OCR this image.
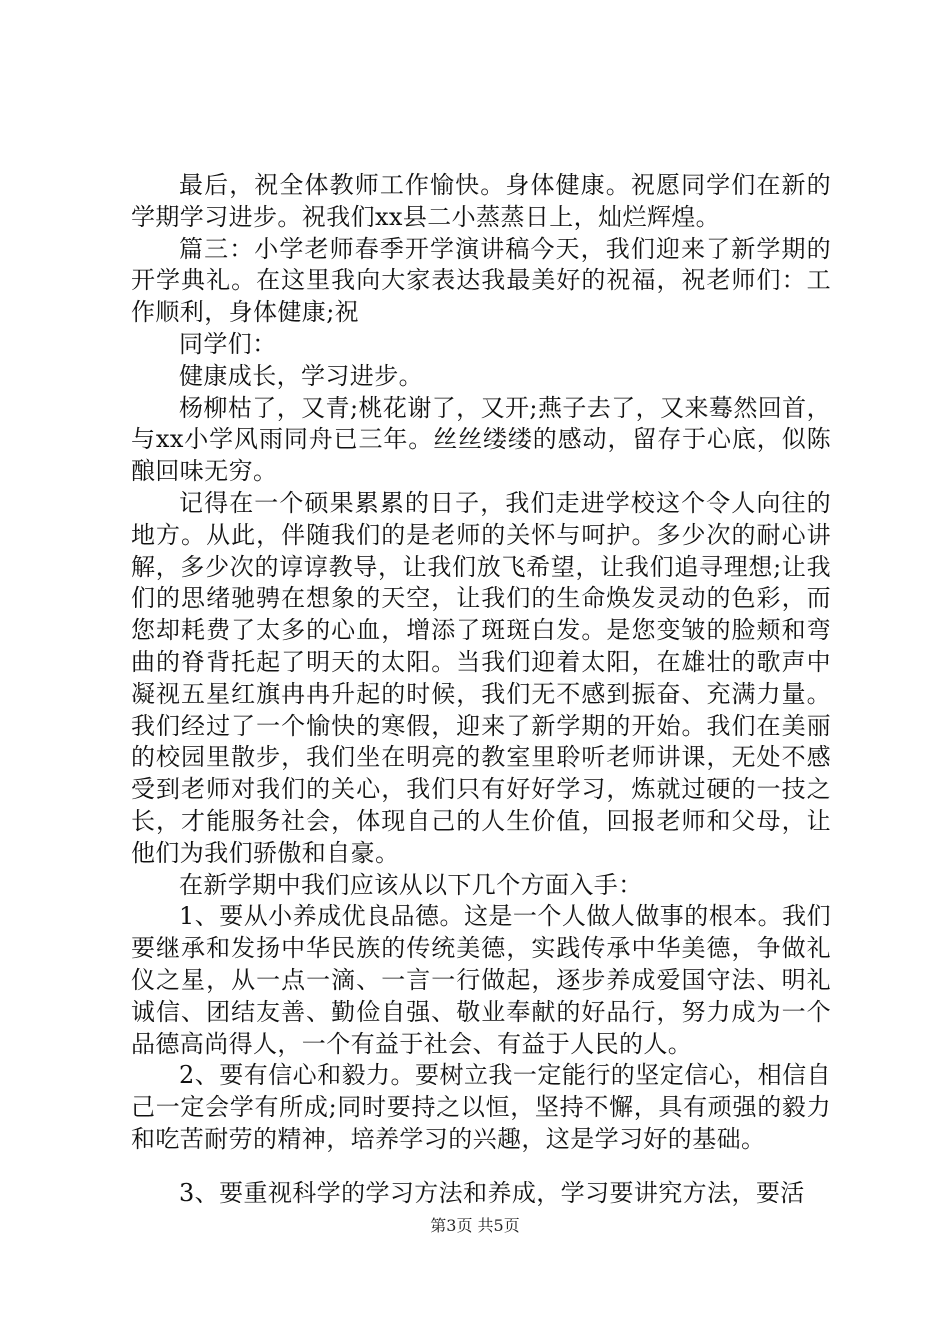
最后，祝全体教师工作愉快。身体健康。祝愿同学们在新的学期学习进步。祝我们xx县二小蒸蒸日上，灿烂辉煌。

篇三：小学老师春季开学演讲稿今天，我们迎来了新学期的开学典礼。在这里我向大家表达我最美好的祝福，祝老师们：工作顺利，身体健康;祝

同学们：

健康成长，学习进步。

杨柳枯了，又青;桃花谢了，又开;燕子去了，又来蓦然回首，与xx小学风雨同舟已三年。丝丝缕缕的感动，留存于心底，似陈酿回味无穷。

记得在一个硕果累累的日子，我们走进学校这个令人向往的地方。从此，伴随我们的是老师的关怀与呵护。多少次的耐心讲解，多少次的谆谆教导，让我们放飞希望，让我们追寻理想;让我们的思绪驰骋在想象的天空，让我们的生命焕发灵动的色彩，而您却耗费了太多的心血，增添了斑斑白发。是您变皱的脸颊和弯曲的脊背托起了明天的太阳。当我们迎着太阳，在雄壮的歌声中凝视五星红旗冉冉升起的时候，我们无不感到振奋、充满力量。我们经过了一个愉快的寒假，迎来了新学期的开始。我们在美丽的校园里散步，我们坐在明亮的教室里聆听老师讲课，无处不感受到老师对我们的关心，我们只有好好学习，炼就过硬的一技之长，才能服务社会，体现自己的人生价值，回报老师和父母，让他们为我们骄傲和自豪。

在新学期中我们应该从以下几个方面入手：

1、要从小养成优良品德。这是一个人做人做事的根本。我们要继承和发扬中华民族的传统美德，实践传承中华美德，争做礼仪之星，从一点一滴、一言一行做起，逐步养成爱国守法、明礼诚信、团结友善、勤俭自强、敬业奉献的好品行，努力成为一个品德高尚得人，一个有益于社会、有益于人民的人。

2、要有信心和毅力。要树立我一定能行的坚定信心，相信自己一定会学有所成;同时要持之以恒，坚持不懈，具有顽强的毅力和吃苦耐劳的精神，培养学习的兴趣，这是学习好的基础。

3、要重视科学的学习方法和养成，学习要讲究方法，要活

第3页 共5页
